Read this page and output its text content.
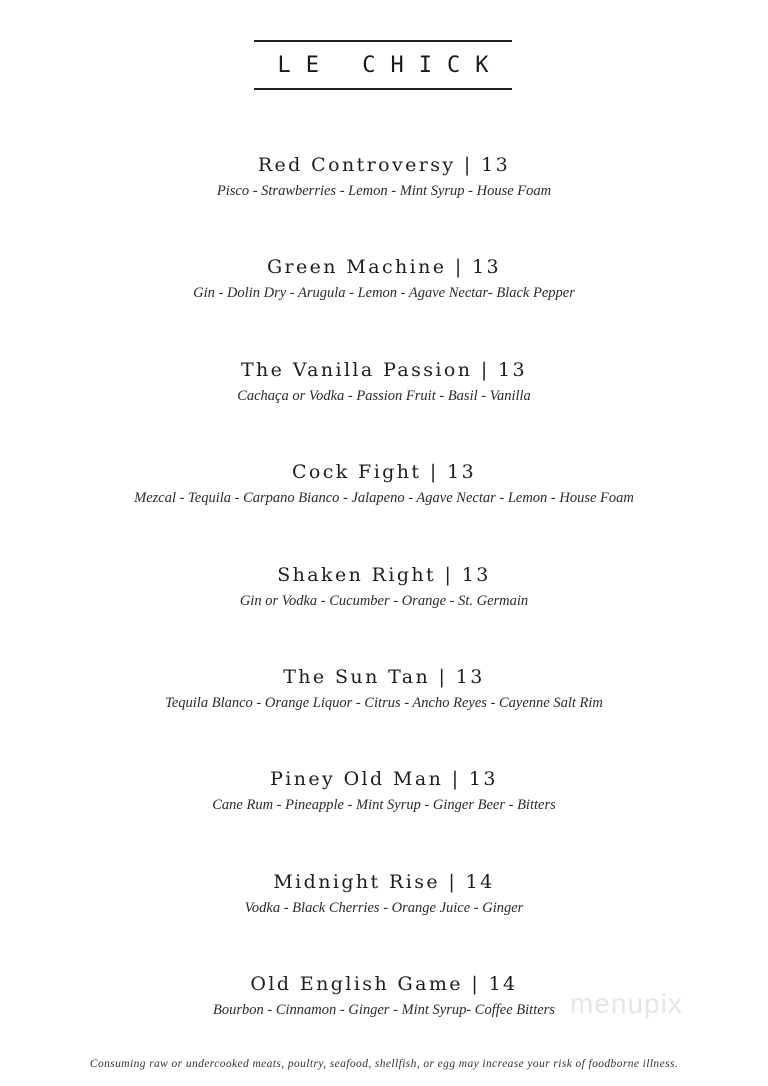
LE CHICK
Red Controversy | 13
Pisco - Strawberries - Lemon - Mint Syrup - House Foam
Green Machine | 13
Gin - Dolin Dry - Arugula - Lemon - Agave Nectar- Black Pepper
The Vanilla Passion | 13
Cachaça or Vodka - Passion Fruit - Basil - Vanilla
Cock Fight | 13
Mezcal - Tequila - Carpano Bianco - Jalapeno - Agave Nectar - Lemon - House Foam
Shaken Right | 13
Gin or Vodka - Cucumber - Orange - St. Germain
The Sun Tan | 13
Tequila Blanco - Orange Liquor - Citrus - Ancho Reyes - Cayenne Salt Rim
Piney Old Man | 13
Cane Rum - Pineapple - Mint Syrup - Ginger Beer - Bitters
Midnight Rise | 14
Vodka - Black Cherries - Orange Juice - Ginger
Old English Game | 14
Bourbon - Cinnamon - Ginger - Mint Syrup- Coffee Bitters menupix
Consuming raw or undercooked meats, poultry, seafood, shellfish, or egg may increase your risk of foodborne illness.
